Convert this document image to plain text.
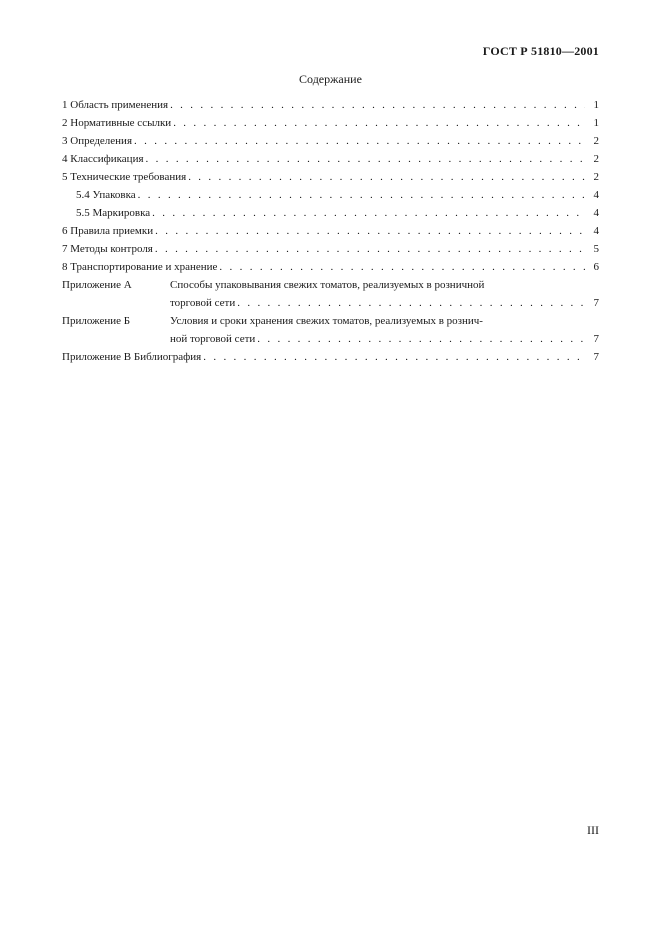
ГОСТ Р 51810—2001
Содержание
1 Область применения . . .	1
2 Нормативные ссылки . . .	1
3 Определения . . .	2
4 Классификация . . .	2
5 Технические требования . . .	2
5.4 Упаковка . . .	4
5.5 Маркировка . . .	4
6 Правила приемки . . .	4
7 Методы контроля . . .	5
8 Транспортирование и хранение . . .	6
Приложение А	Способы упаковывания свежих томатов, реализуемых в розничной
торговой сети . . .	7
Приложение Б	Условия и сроки хранения свежих томатов, реализуемых в рознич-
ной торговой сети . . .	7
Приложение В Библиография . . .	7
III
